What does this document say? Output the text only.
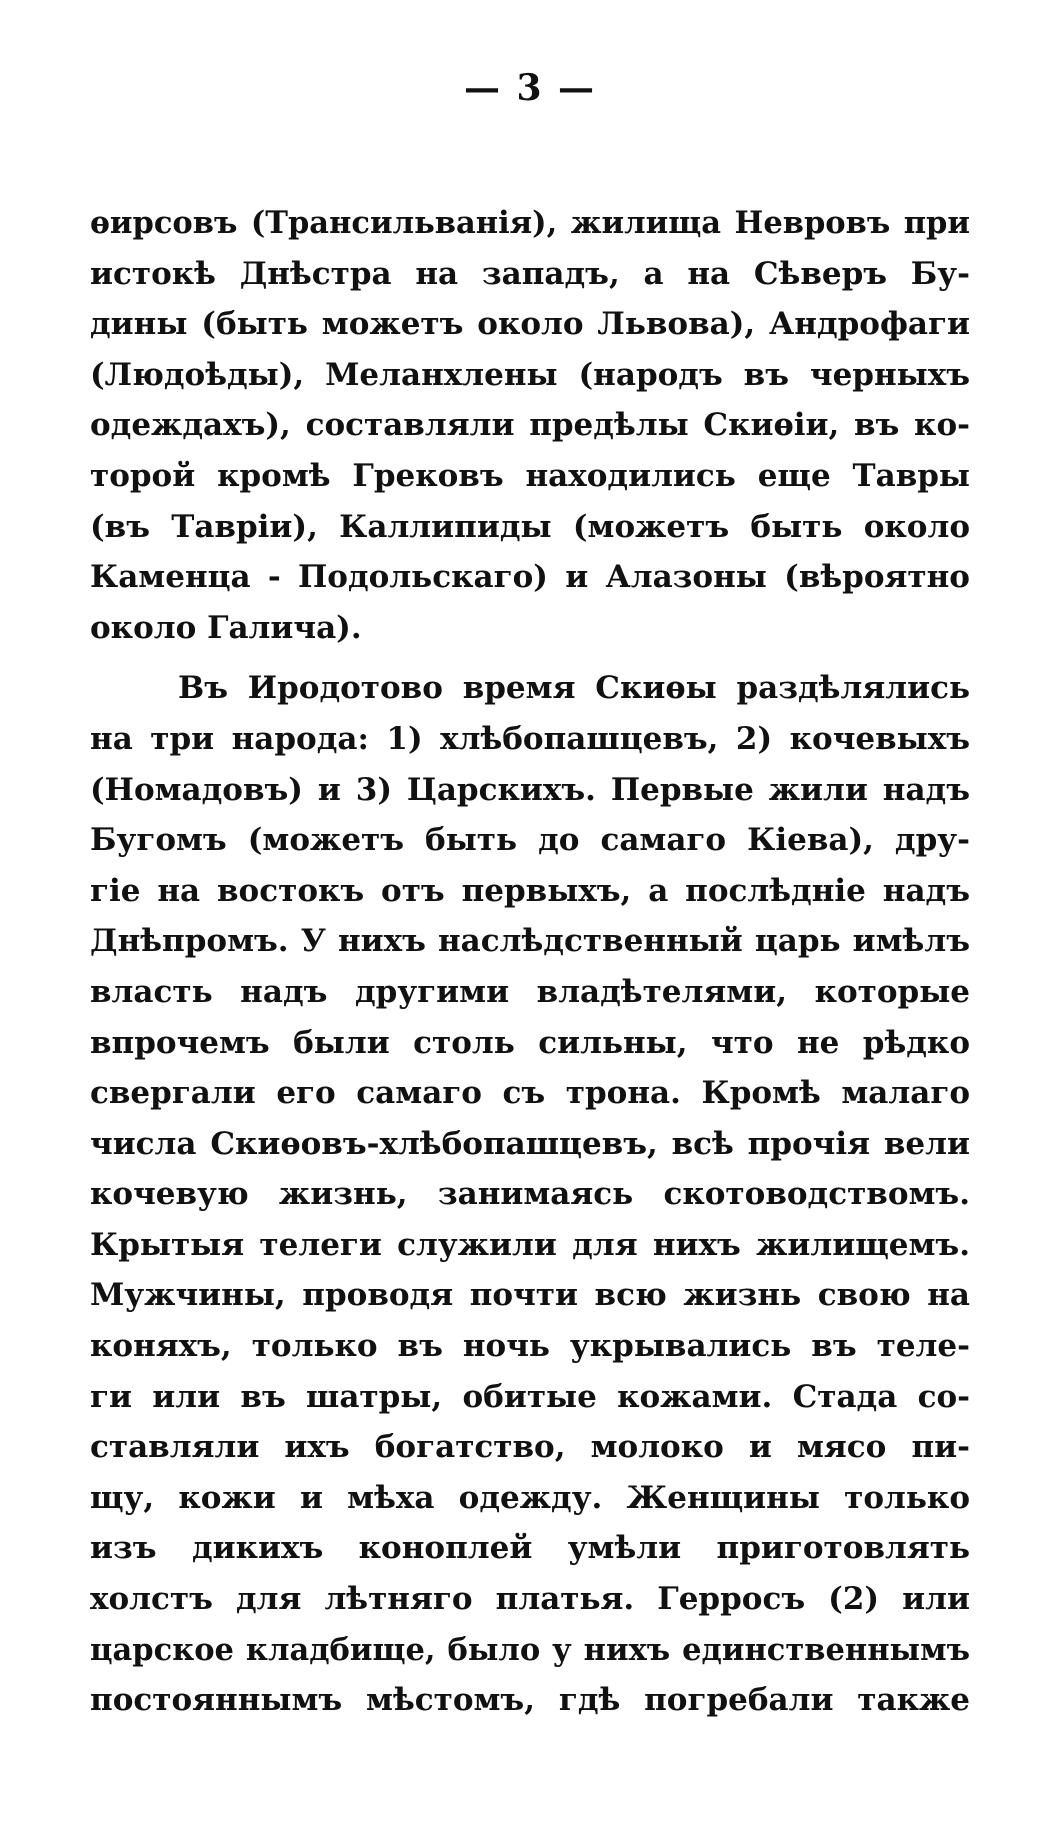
— 3 —
ѳирсовъ (Трансильванія), жилища Невровъ при
истокѣ Днѣстра на западъ, а на Сѣверъ Бу-
дины (быть можетъ около Львова), Андрофаги
(Людоѣды), Меланхлены (народъ въ черныхъ
одеждахъ), составляли предѣлы Скиѳіи, въ ко-
торой кромѣ Грековъ находились еще Тавры
(въ Тавріи), Каллипиды (можетъ быть около
Каменца - Подольскаго) и Алазоны (вѣроятно
около Галича).
Въ Иродотово время Скиѳы раздѣлялись
на три народа: 1) хлѣбопашцевъ, 2) кочевыхъ
(Номадовъ) и 3) Царскихъ. Первые жили надъ
Бугомъ (можетъ быть до самаго Кіева), дру-
гіе на востокъ отъ первыхъ, а послѣдніе надъ
Днѣпромъ. У нихъ наслѣдственный царь имѣлъ
власть надъ другими владѣтелями, которые
впрочемъ были столь сильны, что не рѣдко
свергали его самаго съ трона. Кромѣ малаго
числа Скиѳовъ-хлѣбопашцевъ, всѣ прочія вели
кочевую жизнь, занимаясь скотоводствомъ.
Крытыя телеги служили для нихъ жилищемъ.
Мужчины, проводя почти всю жизнь свою на
коняхъ, только въ ночь укрывались въ теле-
ги или въ шатры, обитые кожами. Стада со-
ставляли ихъ богатство, молоко и мясо пи-
щу, кожи и мѣха одежду. Женщины только
изъ дикихъ коноплей умѣли приготовлять
холстъ для лѣтняго платья. Герросъ (2) или
царское кладбище, было у нихъ единственнымъ
постояннымъ мѣстомъ, гдѣ погребали также
